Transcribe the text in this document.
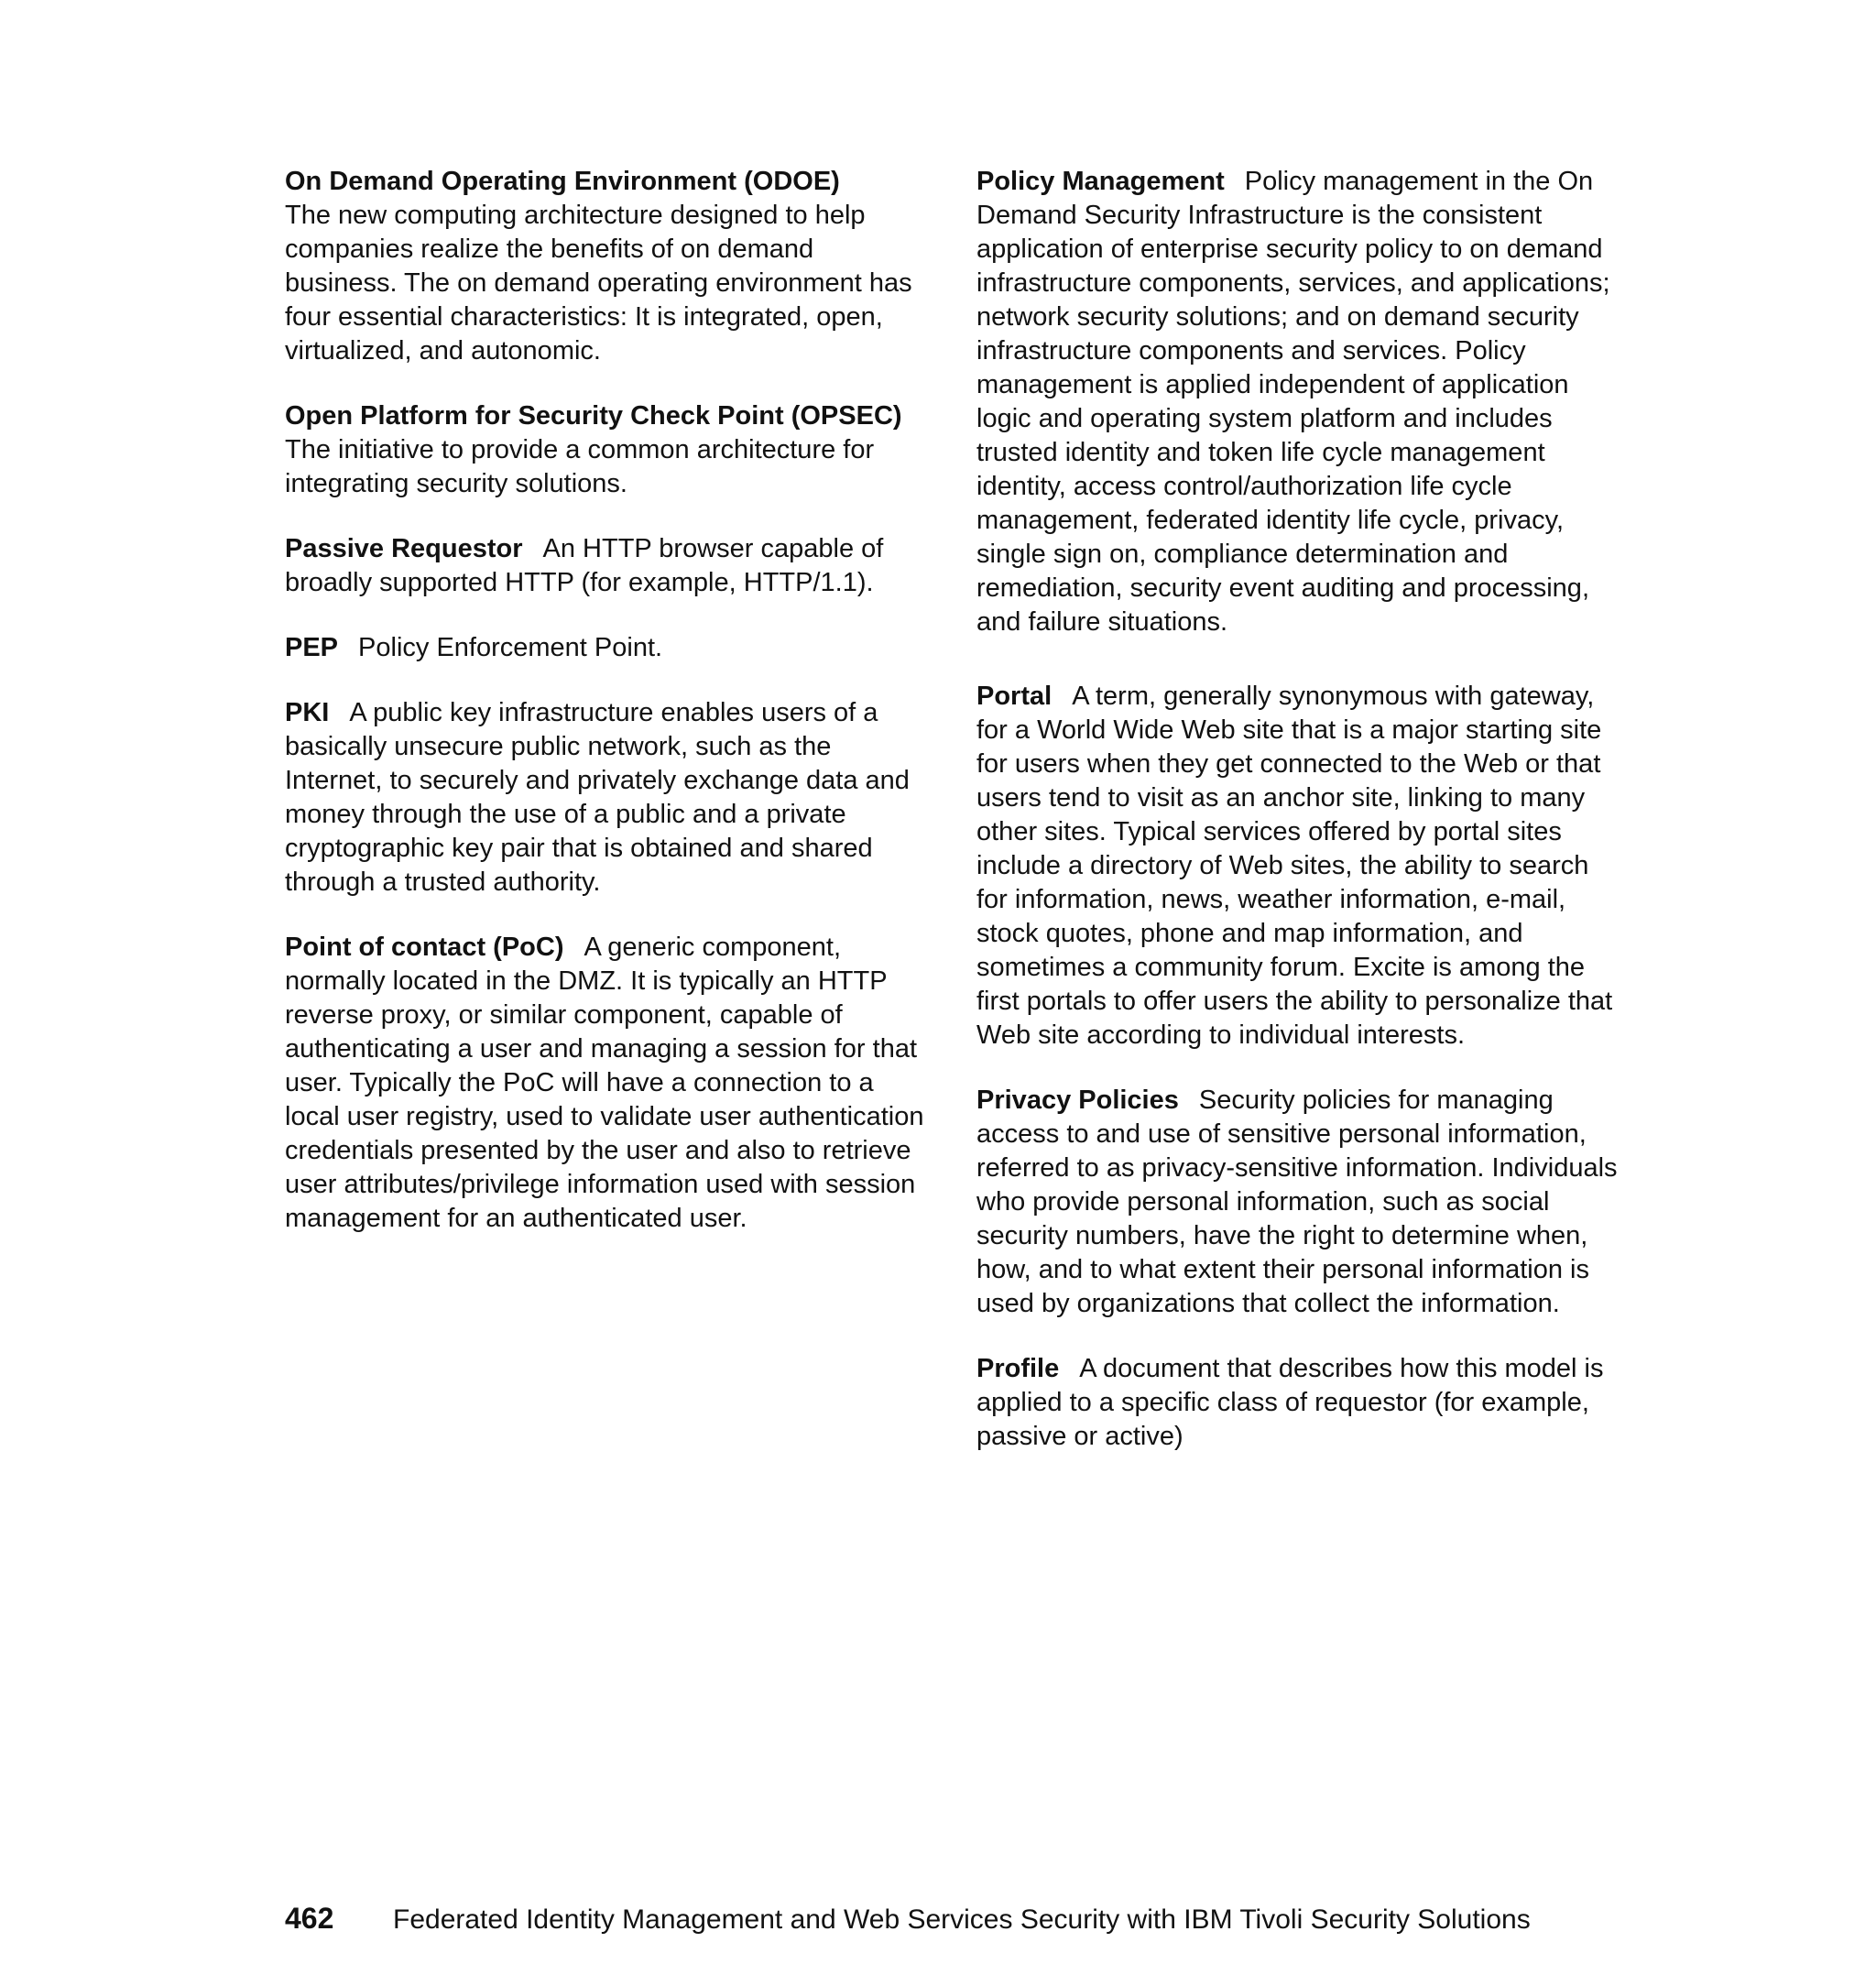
On Demand Operating Environment (ODOE)
The new computing architecture designed to help companies realize the benefits of on demand business. The on demand operating environment has four essential characteristics: It is integrated, open, virtualized, and autonomic.

Open Platform for Security Check Point (OPSEC)The initiative to provide a common architecture for integrating security solutions.

Passive Requestor An HTTP browser capable of broadly supported HTTP (for example, HTTP/1.1).

PEP Policy Enforcement Point.

PKI A public key infrastructure enables users of a basically unsecure public network, such as the Internet, to securely and privately exchange data and money through the use of a public and a private cryptographic key pair that is obtained and shared through a trusted authority.

Point of contact (PoC) A generic component, normally located in the DMZ. It is typically an HTTP reverse proxy, or similar component, capable of authenticating a user and managing a session for that user. Typically the PoC will have a connection to a local user registry, used to validate user authentication credentials presented by the user and also to retrieve user attributes/privilege information used with session management for an authenticated user.

Policy Management Policy management in the On Demand Security Infrastructure is the consistent application of enterprise security policy to on demand infrastructure components, services, and applications; network security solutions; and on demand security infrastructure components and services. Policy management is applied independent of application logic and operating system platform and includes trusted identity and token life cycle management identity, access control/authorization life cycle management, federated identity life cycle, privacy, single sign on, compliance determination and remediation, security event auditing and processing, and failure situations.

Portal A term, generally synonymous with gateway, for a World Wide Web site that is a major starting site for users when they get connected to the Web or that users tend to visit as an anchor site, linking to many other sites. Typical services offered by portal sites include a directory of Web sites, the ability to search for information, news, weather information, e-mail, stock quotes, phone and map information, and sometimes a community forum. Excite is among the first portals to offer users the ability to personalize that Web site according to individual interests.

Privacy Policies Security policies for managing access to and use of sensitive personal information, referred to as privacy-sensitive information. Individuals who provide personal information, such as social security numbers, have the right to determine when, how, and to what extent their personal information is used by organizations that collect the information.

Profile A document that describes how this model is applied to a specific class of requestor (for example, passive or active)

462 Federated Identity Management and Web Services Security with IBM Tivoli Security Solutions
